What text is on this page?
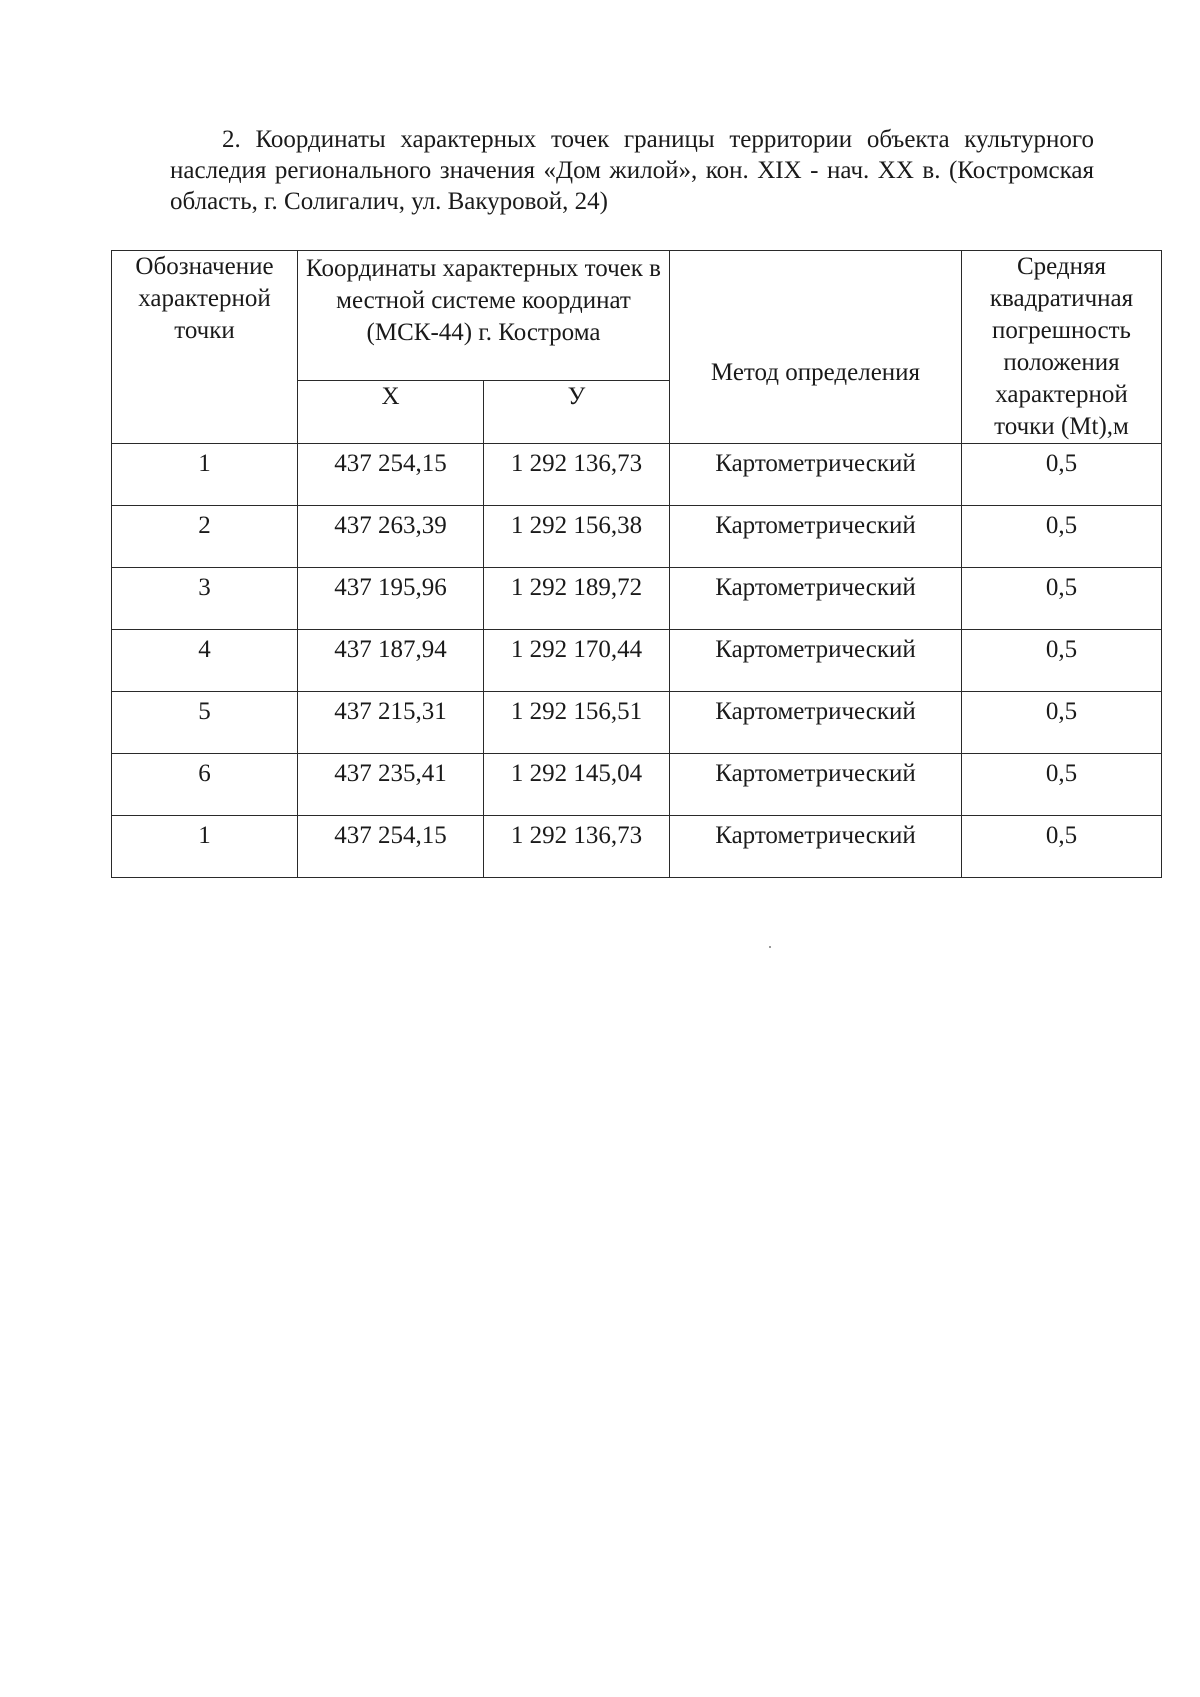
2. Координаты характерных точек границы территории объекта культурного наследия регионального значения «Дом жилой», кон. XIX - нач. XX в. (Костромская область, г. Солигалич, ул. Вакуровой, 24)

Обозначение характерной точки	Координаты характерных точек в местной системе координат (МСК-44) г. Кострома		Метод определения	Средняя квадратичная погрешность положения характерной точки (Mt),м
	X	У		
1	437 254,15	1 292 136,73	Картометрический	0,5
2	437 263,39	1 292 156,38	Картометрический	0,5
3	437 195,96	1 292 189,72	Картометрический	0,5
4	437 187,94	1 292 170,44	Картометрический	0,5
5	437 215,31	1 292 156,51	Картометрический	0,5
6	437 235,41	1 292 145,04	Картометрический	0,5
1	437 254,15	1 292 136,73	Картометрический	0,5
